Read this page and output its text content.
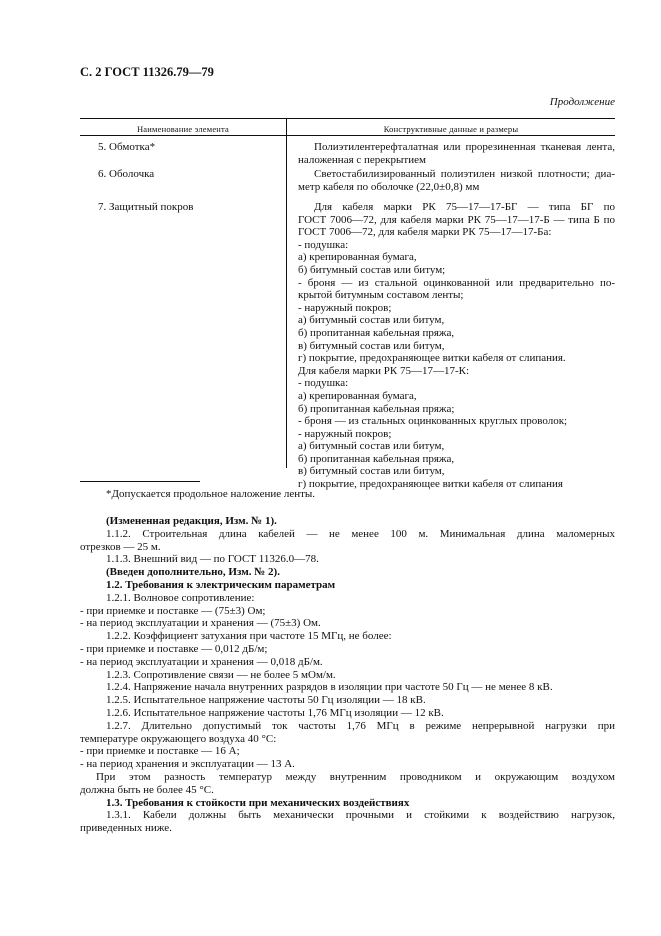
С. 2 ГОСТ 11326.79—79
Продолжение
Наименование элемента	Конструктивные данные и размеры
5. Обмотка*	Полиэтилентерефталатная или прорезиненная тканевая лента,
наложенная с перекрытием
6. Оболочка	Светостабилизированный полиэтилен низкой плотности; диа-
метр кабеля по оболочке (22,0±0,8) мм
7. Защитный покров	Для кабеля марки РК 75—17—17-БГ — типа БГ по
ГОСТ 7006—72, для кабеля марки РК 75—17—17-Б — типа Б по
ГОСТ 7006—72, для кабеля марки РК 75—17—17-Ба:
- подушка:
а) крепированная бумага,
б) битумный состав или битум;
- броня — из стальной оцинкованной или предварительно по-
крытой битумным составом ленты;
- наружный покров;
а) битумный состав или битум,
б) пропитанная кабельная пряжа,
в) битумный состав или битум,
г) покрытие, предохраняющее витки кабеля от слипания.
Для кабеля марки РК 75—17—17-К:
- подушка:
а) крепированная бумага,
б) пропитанная кабельная пряжа;
- броня — из стальных оцинкованных круглых проволок;
- наружный покров;
а) битумный состав или битум,
б) пропитанная кабельная пряжа,
в) битумный состав или битум,
г) покрытие, предохраняющее витки кабеля от слипания
*Допускается продольное наложение ленты.
(Измененная редакция, Изм. № 1).
1.1.2. Строительная длина кабелей — не менее 100 м. Минимальная длина маломерных
отрезков — 25 м.
1.1.3. Внешний вид — по ГОСТ 11326.0—78.
(Введен дополнительно, Изм. № 2).
1.2. Требования к электрическим параметрам
1.2.1. Волновое сопротивление:
- при приемке и поставке — (75±3) Ом;
- на период эксплуатации и хранения — (75±3) Ом.
1.2.2. Коэффициент затухания при частоте 15 МГц, не более:
- при приемке и поставке — 0,012 дБ/м;
- на период эксплуатации и хранения — 0,018 дБ/м.
1.2.3. Сопротивление связи — не более 5 мОм/м.
1.2.4. Напряжение начала внутренних разрядов в изоляции при частоте 50 Гц — не менее 8 кВ.
1.2.5. Испытательное напряжение частоты 50 Гц изоляции — 18 кВ.
1.2.6. Испытательное напряжение частоты 1,76 МГц изоляции — 12 кВ.
1.2.7. Длительно допустимый ток частоты 1,76 МГц в режиме непрерывной нагрузки при
температуре окружающего воздуха 40 °С:
- при приемке и поставке — 16 А;
- на период хранения и эксплуатации — 13 А.
При этом разность температур между внутренним проводником и окружающим воздухом
должна быть не более 45 °С.
1.3. Требования к стойкости при механических воздействиях
1.3.1. Кабели должны быть механически прочными и стойкими к воздействию нагрузок,
приведенных ниже.
